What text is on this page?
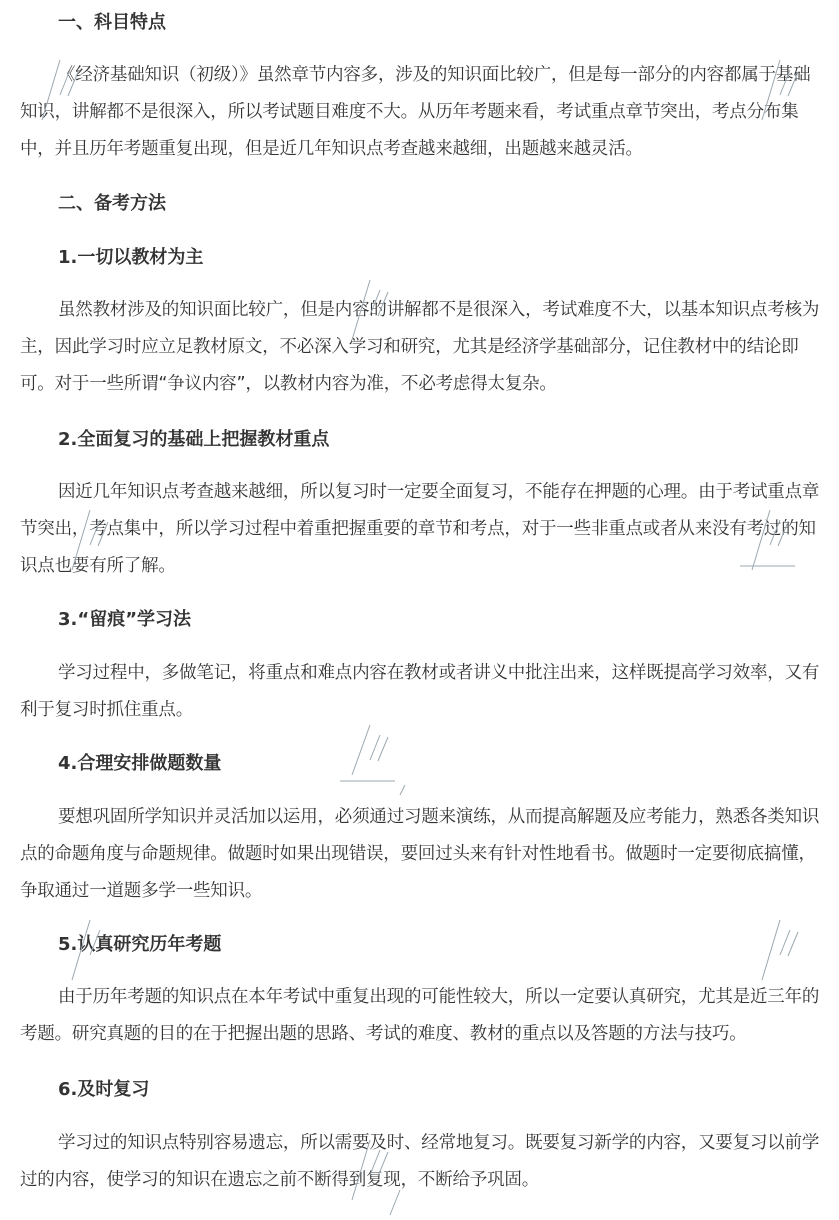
一、科目特点
《经济基础知识（初级）》虽然章节内容多，涉及的知识面比较广，但是每一部分的内容都属于基础知识，讲解都不是很深入，所以考试题目难度不大。从历年考题来看，考试重点章节突出，考点分布集中，并且历年考题重复出现，但是近几年知识点考查越来越细，出题越来越灵活。
二、备考方法
1.一切以教材为主
虽然教材涉及的知识面比较广，但是内容的讲解都不是很深入，考试难度不大，以基本知识点考核为主，因此学习时应立足教材原文，不必深入学习和研究，尤其是经济学基础部分，记住教材中的结论即可。对于一些所谓“争议内容”，以教材内容为准，不必考虑得太复杂。
2.全面复习的基础上把握教材重点
因近几年知识点考查越来越细，所以复习时一定要全面复习，不能存在押题的心理。由于考试重点章节突出，考点集中，所以学习过程中着重把握重要的章节和考点，对于一些非重点或者从来没有考过的知识点也要有所了解。
3.“留痕”学习法
学习过程中，多做笔记，将重点和难点内容在教材或者讲义中批注出来，这样既提高学习效率，又有利于复习时抓住重点。
4.合理安排做题数量
要想巩固所学知识并灵活加以运用，必须通过习题来演练，从而提高解题及应考能力，熟悉各类知识点的命题角度与命题规律。做题时如果出现错误，要回过头来有针对性地看书。做题时一定要彻底搞懂，争取通过一道题多学一些知识。
5.认真研究历年考题
由于历年考题的知识点在本年考试中重复出现的可能性较大，所以一定要认真研究，尤其是近三年的考题。研究真题的目的在于把握出题的思路、考试的难度、教材的重点以及答题的方法与技巧。
6.及时复习
学习过的知识点特别容易遗忘，所以需要及时、经常地复习。既要复习新学的内容，又要复习以前学过的内容，使学习的知识在遗忘之前不断得到复现，不断给予巩固。
